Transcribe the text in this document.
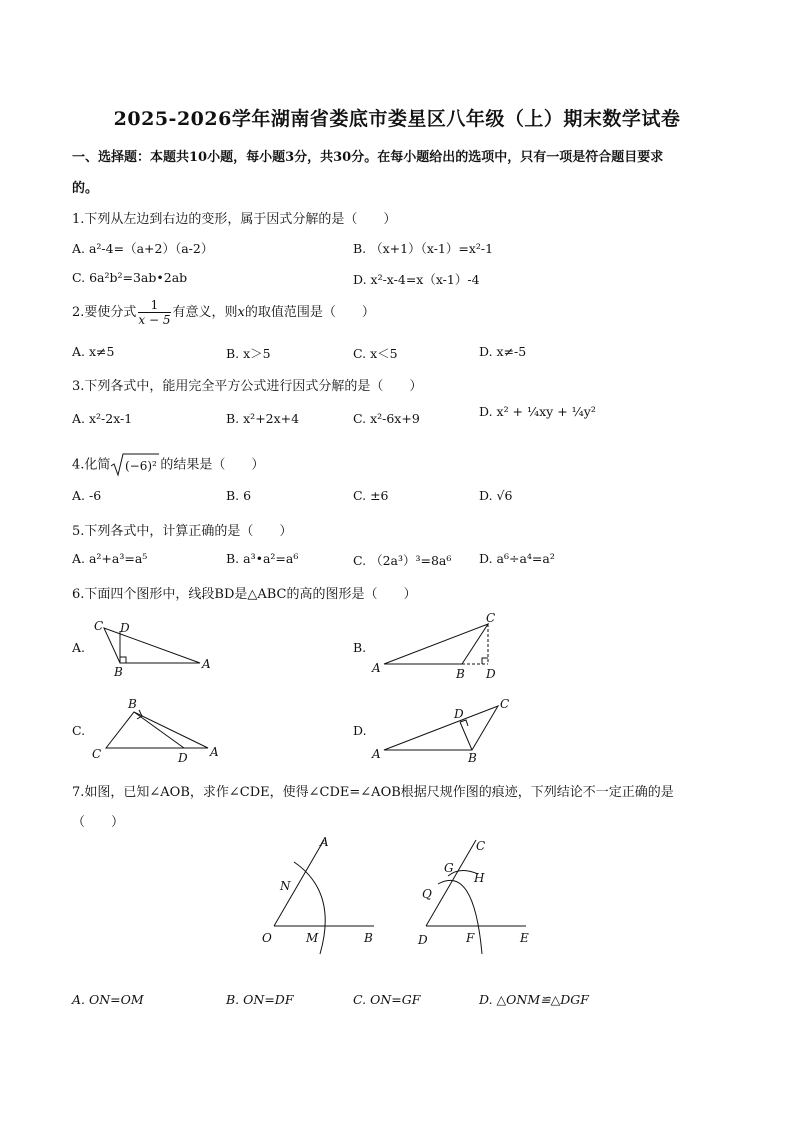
2025-2026学年湖南省娄底市娄星区八年级（上）期末数学试卷
一、选择题：本题共10小题，每小题3分，共30分。在每小题给出的选项中，只有一项是符合题目要求
的。
1.下列从左边到右边的变形，属于因式分解的是（　　）
A. a²-4=（a+2）（a-2）	B. （x+1）（x-1）=x²-1
C. 6a²b²=3ab•2ab	D. x²-x-4=x（x-1）-4
2.要使分式 $\frac{1}{x - 5}$ 有意义，则x的取值范围是（　　）
A. x≠5	B. x＞5	C. x＜5	D. x≠-5
3.下列各式中，能用完全平方公式进行因式分解的是（　　）
A. x²-2x-1	B. x²+2x+4	C. x²-6x+9	D. x² + ¼xy + ¼y²
4.化简 (−6)² 的结果是（　　）
A. -6	B. 6	C. ±6	D. √6
5.下列各式中，计算正确的是（　　）
A. a²+a³=a⁵	B. a³•a²=a⁶	C. （2a³）³=8a⁶ D. a⁶÷a⁴=a²
6.下面四个图形中，线段BD是△ABC的高的图形是（　　）
A.	B.
C.	D.
C D
B
A
C
A	B D
B
C	D A
D
C
A	B
7.如图，已知∠AOB，求作∠CDE，使得∠CDE=∠AOB根据尺规作图的痕迹，下列结论不一定正确的是
（　　）
A
N
O	M	B
C
G
H
Q
D	F	E
A. ON=OM	B. ON=DF	C. ON=GF	D. △ONM≌△DGF
